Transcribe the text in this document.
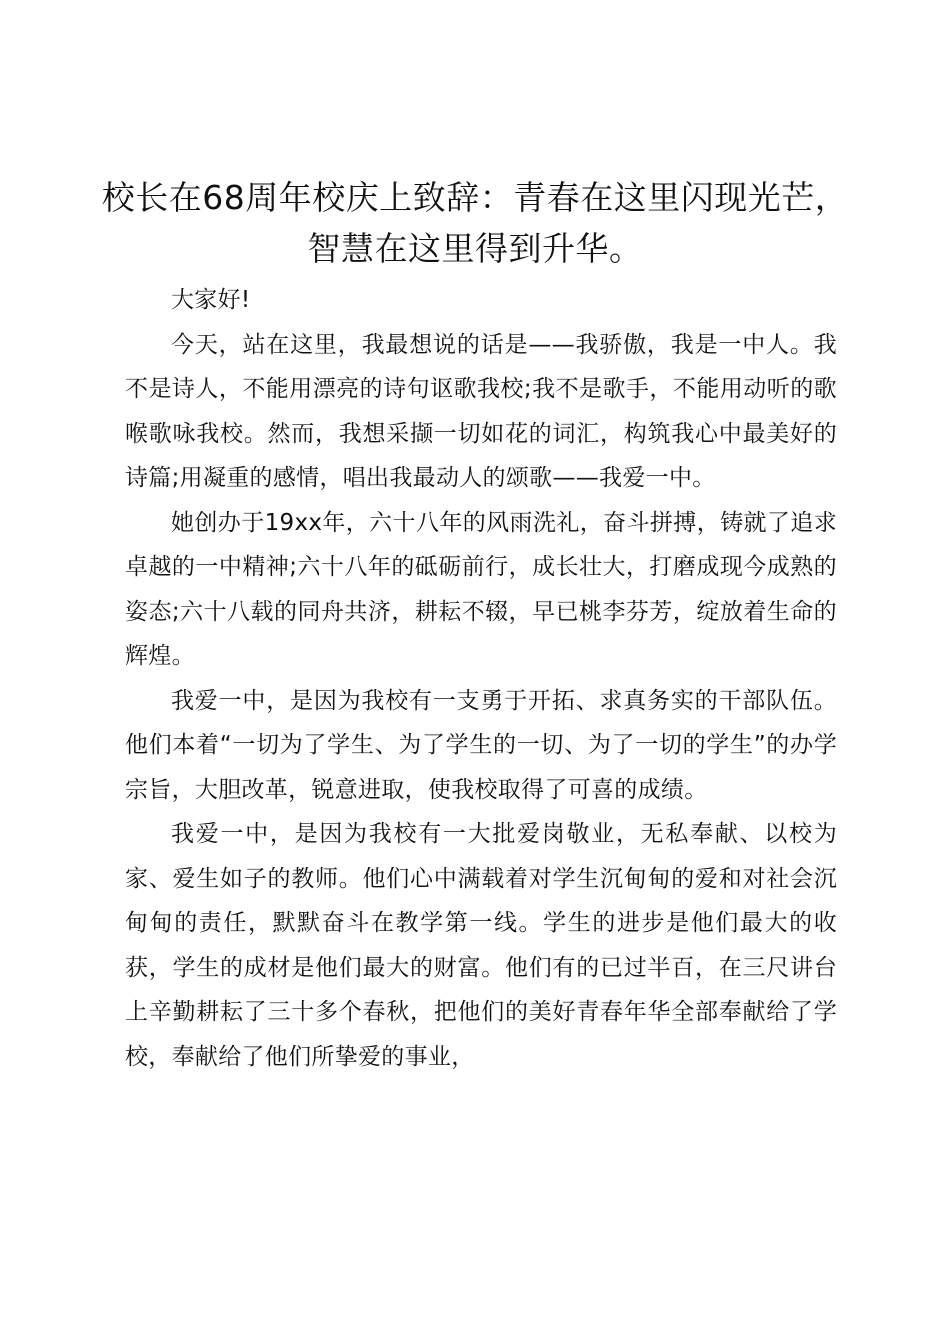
校长在68周年校庆上致辞：青春在这里闪现光芒，智慧在这里得到升华。

大家好!

今天，站在这里，我最想说的话是——我骄傲，我是一中人。我不是诗人，不能用漂亮的诗句讴歌我校;我不是歌手，不能用动听的歌喉歌咏我校。然而，我想采撷一切如花的词汇，构筑我心中最美好的诗篇;用凝重的感情，唱出我最动人的颂歌——我爱一中。

她创办于19xx年，六十八年的风雨洗礼，奋斗拼搏，铸就了追求卓越的一中精神;六十八年的砥砺前行，成长壮大，打磨成现今成熟的姿态;六十八载的同舟共济，耕耘不辍，早已桃李芬芳，绽放着生命的辉煌。

我爱一中，是因为我校有一支勇于开拓、求真务实的干部队伍。他们本着“一切为了学生、为了学生的一切、为了一切的学生”的办学宗旨，大胆改革，锐意进取，使我校取得了可喜的成绩。

我爱一中，是因为我校有一大批爱岗敬业，无私奉献、以校为家、爱生如子的教师。他们心中满载着对学生沉甸甸的爱和对社会沉甸甸的责任，默默奋斗在教学第一线。学生的进步是他们最大的收获，学生的成材是他们最大的财富。他们有的已过半百，在三尺讲台上辛勤耕耘了三十多个春秋，把他们的美好青春年华全部奉献给了学校，奉献给了他们所挚爱的事业，
